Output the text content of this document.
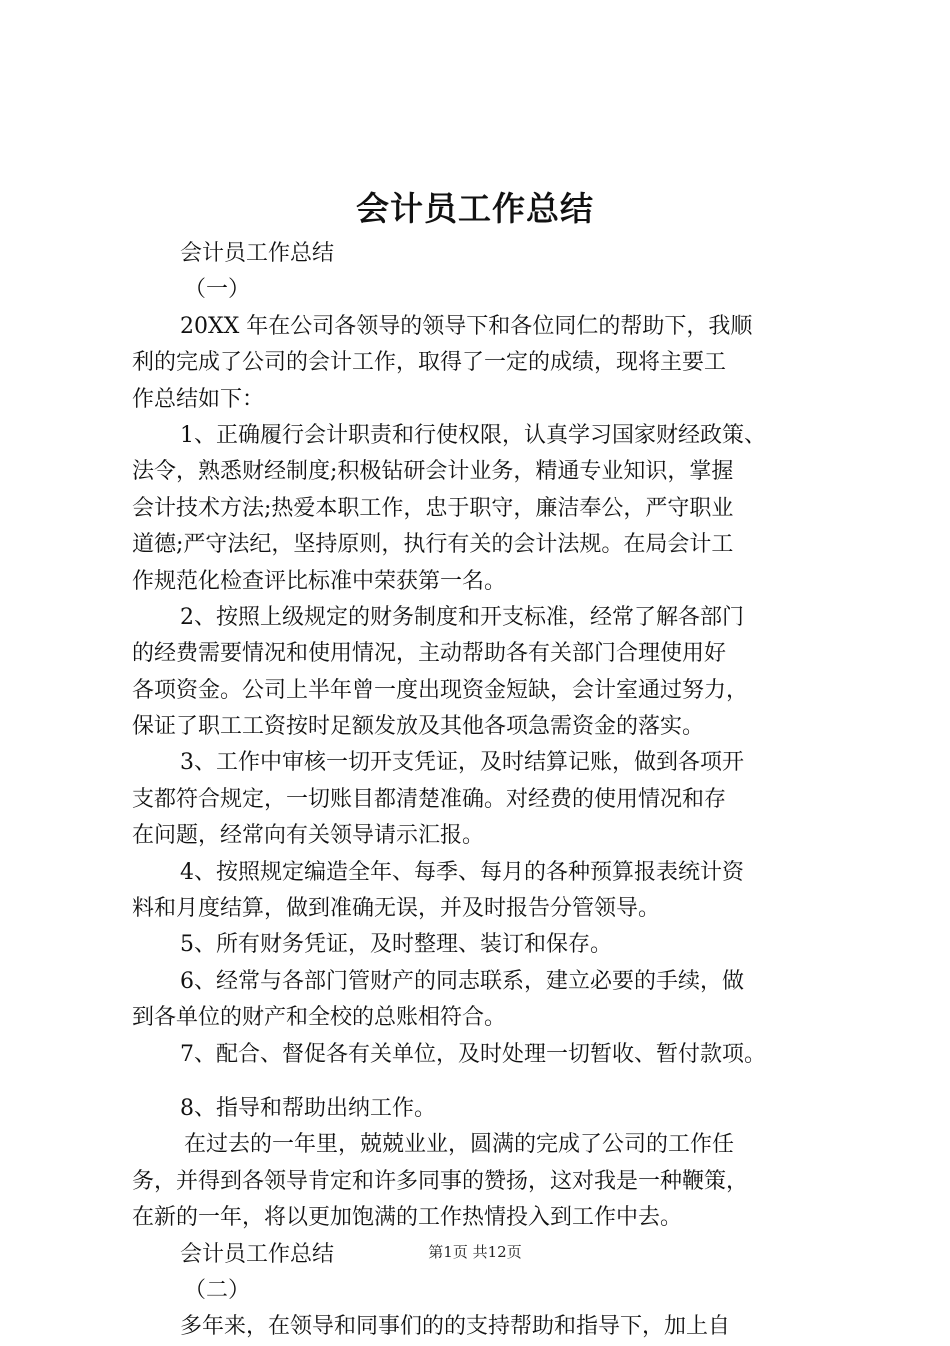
会计员工作总结
会计员工作总结
（一）
20XX 年在公司各领导的领导下和各位同仁的帮助下，我顺
利的完成了公司的会计工作，取得了一定的成绩，现将主要工
作总结如下：
1、正确履行会计职责和行使权限，认真学习国家财经政策、
法令，熟悉财经制度;积极钻研会计业务，精通专业知识，掌握
会计技术方法;热爱本职工作，忠于职守，廉洁奉公，严守职业
道德;严守法纪，坚持原则，执行有关的会计法规。在局会计工
作规范化检查评比标准中荣获第一名。
2、按照上级规定的财务制度和开支标准，经常了解各部门
的经费需要情况和使用情况，主动帮助各有关部门合理使用好
各项资金。公司上半年曾一度出现资金短缺，会计室通过努力，
保证了职工工资按时足额发放及其他各项急需资金的落实。
3、工作中审核一切开支凭证，及时结算记账，做到各项开
支都符合规定，一切账目都清楚准确。对经费的使用情况和存
在问题，经常向有关领导请示汇报。
4、按照规定编造全年、每季、每月的各种预算报表统计资
料和月度结算，做到准确无误，并及时报告分管领导。
5、所有财务凭证，及时整理、装订和保存。
6、经常与各部门管财产的同志联系，建立必要的手续，做
到各单位的财产和全校的总账相符合。
7、配合、督促各有关单位，及时处理一切暂收、暂付款项。
8、指导和帮助出纳工作。
在过去的一年里，兢兢业业，圆满的完成了公司的工作任
务，并得到各领导肯定和许多同事的赞扬，这对我是一种鞭策，
在新的一年，将以更加饱满的工作热情投入到工作中去。
会计员工作总结
（二）
多年来，在领导和同事们的的支持帮助和指导下，加上自
第1页 共12页
